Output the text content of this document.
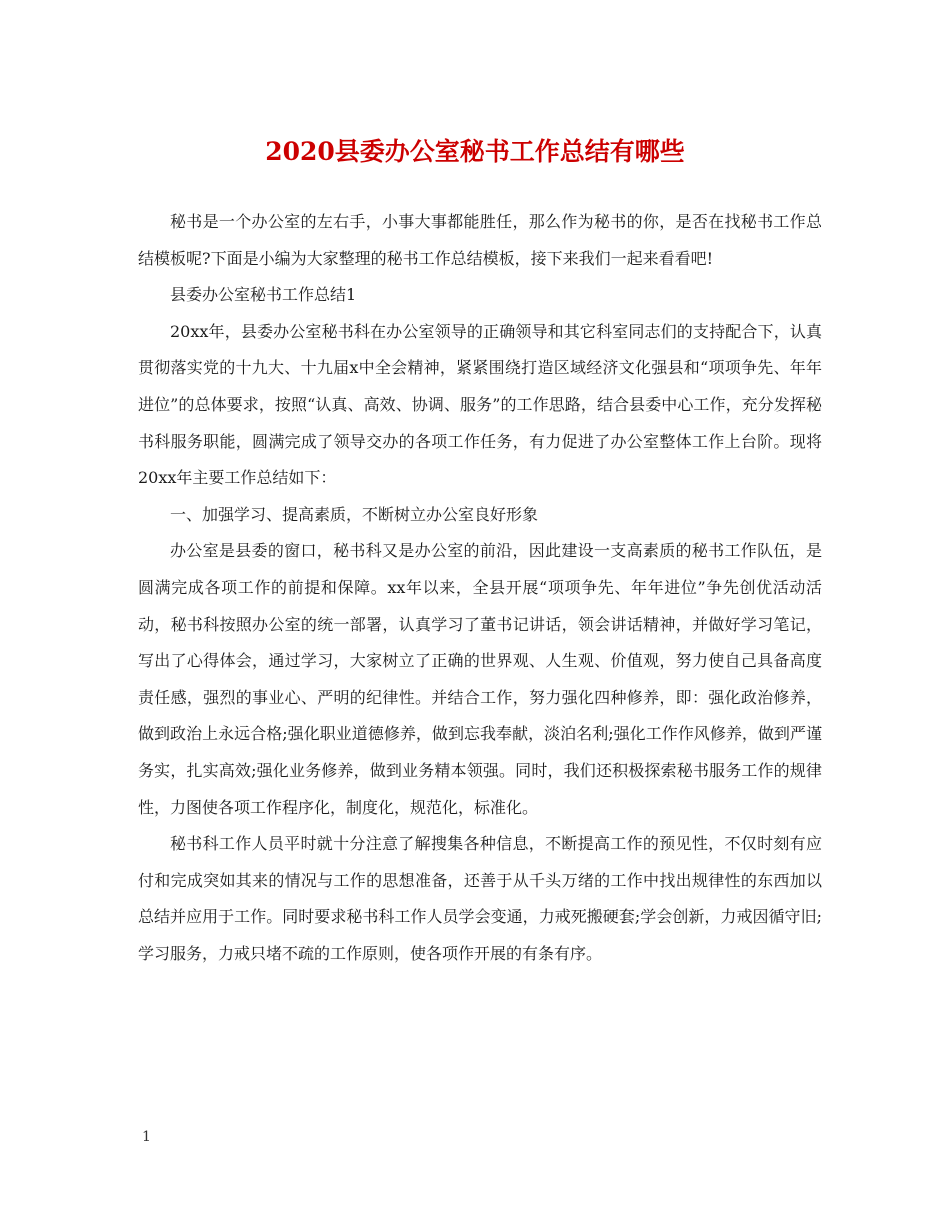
2020县委办公室秘书工作总结有哪些

秘书是一个办公室的左右手，小事大事都能胜任，那么作为秘书的你，是否在找秘书工作总结模板呢?下面是小编为大家整理的秘书工作总结模板，接下来我们一起来看看吧!

县委办公室秘书工作总结1

20xx年，县委办公室秘书科在办公室领导的正确领导和其它科室同志们的支持配合下，认真贯彻落实党的十九大、十九届x中全会精神，紧紧围绕打造区域经济文化强县和“项项争先、年年进位”的总体要求，按照“认真、高效、协调、服务”的工作思路，结合县委中心工作，充分发挥秘书科服务职能，圆满完成了领导交办的各项工作任务，有力促进了办公室整体工作上台阶。现将20xx年主要工作总结如下：

一、加强学习、提高素质，不断树立办公室良好形象

办公室是县委的窗口，秘书科又是办公室的前沿，因此建设一支高素质的秘书工作队伍，是圆满完成各项工作的前提和保障。xx年以来，全县开展“项项争先、年年进位”争先创优活动活动，秘书科按照办公室的统一部署，认真学习了董书记讲话，领会讲话精神，并做好学习笔记，写出了心得体会，通过学习，大家树立了正确的世界观、人生观、价值观，努力使自己具备高度责任感，强烈的事业心、严明的纪律性。并结合工作，努力强化四种修养，即：强化政治修养，做到政治上永远合格;强化职业道德修养，做到忘我奉献，淡泊名利;强化工作作风修养，做到严谨务实，扎实高效;强化业务修养，做到业务精本领强。同时，我们还积极探索秘书服务工作的规律性，力图使各项工作程序化，制度化，规范化，标准化。

秘书科工作人员平时就十分注意了解搜集各种信息，不断提高工作的预见性，不仅时刻有应付和完成突如其来的情况与工作的思想准备，还善于从千头万绪的工作中找出规律性的东西加以总结并应用于工作。同时要求秘书科工作人员学会变通，力戒死搬硬套;学会创新，力戒因循守旧;学习服务，力戒只堵不疏的工作原则，使各项作开展的有条有序。

1
